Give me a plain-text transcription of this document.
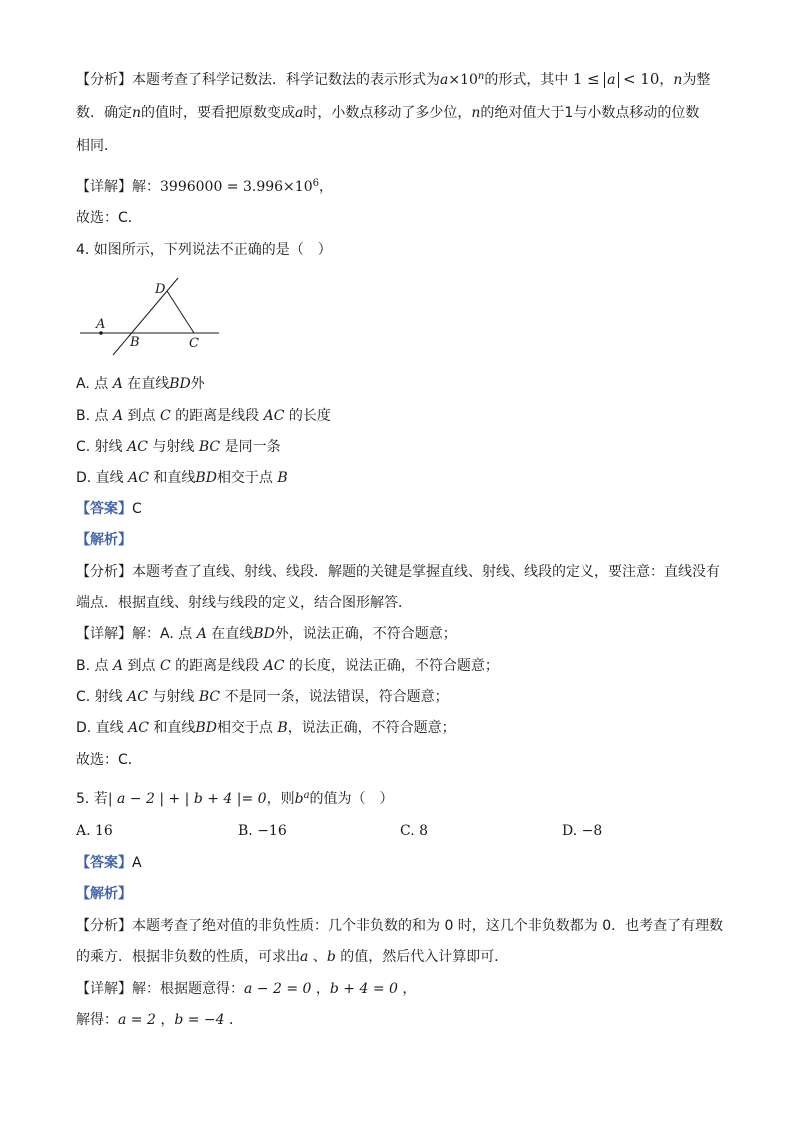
【分析】本题考查了科学记数法．科学记数法的表示形式为$a\times 10^n$的形式，其中 1 ≤ a < 10，n为整
数．确定n的值时，要看把原数变成a时，小数点移动了多少位，n的绝对值大于1与小数点移动的位数
相同．
【详解】解：$3996000 = 3.996\times 10^6$，
故选：C．
4. 如图所示，下列说法不正确的是（　）
A
B	C
D
A. 点 A 在直线BD外
B. 点 A 到点 C 的距离是线段 AC 的长度
C. 射线 AC 与射线 BC 是同一条
D. 直线 AC 和直线BD相交于点 B
【答案】C
【解析】
【分析】本题考查了直线、射线、线段．解题的关键是掌握直线、射线、线段的定义，要注意：直线没有
端点．根据直线、射线与线段的定义，结合图形解答．
【详解】解：A. 点 A 在直线BD外，说法正确，不符合题意；
B. 点 A 到点 C 的距离是线段 AC 的长度，说法正确，不符合题意；
C. 射线 AC 与射线 BC 不是同一条，说法错误，符合题意；
D. 直线 AC 和直线BD相交于点 B，说法正确，不符合题意；
故选：C．
5. 若| a − 2 | + | b + 4 |= 0，则$b^a$的值为（　）
A. 16	B. −16	C. 8	D. −8
【答案】A
【解析】
【分析】本题考查了绝对值的非负性质：几个非负数的和为 0 时，这几个非负数都为 0．也考查了有理数
的乘方．根据非负数的性质，可求出a 、b 的值，然后代入计算即可．
【详解】解：根据题意得：a − 2 = 0 ，b + 4 = 0 ，
解得：a = 2 ，b = −4 ．
